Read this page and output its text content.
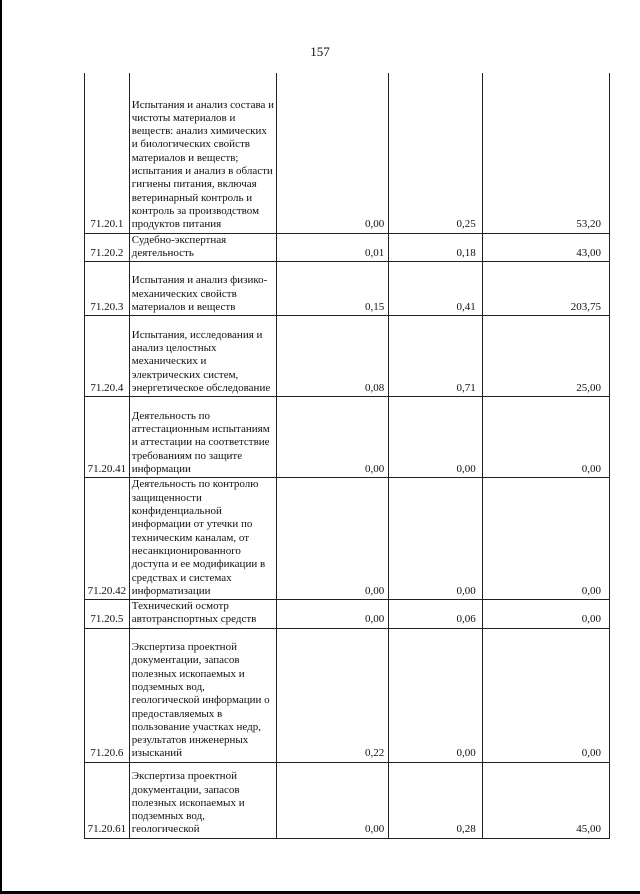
157
71.20.1	Испытания и анализ состава и чистоты материалов и веществ: анализ химических и биологических свойств материалов и веществ; испытания и анализ в области гигиены питания, включая ветеринарный контроль и контроль за производством продуктов питания	0,00	0,25	53,20
71.20.2	Судебно-экспертная деятельность	0,01	0,18	43,00
71.20.3	Испытания и анализ физико-механических свойств материалов и веществ	0,15	0,41	203,75
71.20.4	Испытания, исследования и анализ целостных механических и электрических систем, энергетическое обследование	0,08	0,71	25,00
71.20.41	Деятельность по аттестационным испытаниям и аттестации на соответствие требованиям по защите информации	0,00	0,00	0,00
71.20.42	Деятельность по контролю защищенности конфиденциальной информации от утечки по техническим каналам, от несанкционированного доступа и ее модификации в средствах и системах информатизации	0,00	0,00	0,00
71.20.5	Технический осмотр автотранспортных средств	0,00	0,06	0,00
71.20.6	Экспертиза проектной документации, запасов полезных ископаемых и подземных вод, геологической информации о предоставляемых в пользование участках недр, результатов инженерных изысканий	0,22	0,00	0,00
71.20.61	Экспертиза проектной документации, запасов полезных ископаемых и подземных вод, геологической	0,00	0,28	45,00
